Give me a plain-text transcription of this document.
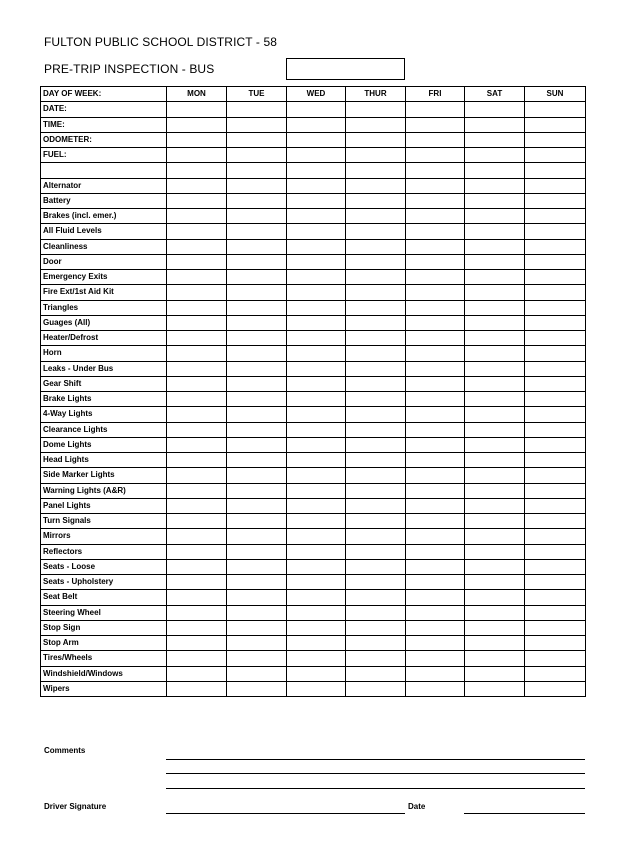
FULTON PUBLIC SCHOOL DISTRICT - 58
PRE-TRIP INSPECTION - BUS
DAY OF WEEK:	MON	TUE	WED	THUR	FRI	SAT	SUN
DATE:							
TIME:							
ODOMETER:							
FUEL:							

Alternator							
Battery							
Brakes (incl. emer.)							
All Fluid Levels							
Cleanliness							
Door							
Emergency Exits							
Fire Ext/1st Aid Kit							
Triangles							
Guages (All)							
Heater/Defrost							
Horn							
Leaks - Under Bus							
Gear Shift							
Brake Lights							
4-Way Lights							
Clearance Lights							
Dome Lights							
Head Lights							
Side Marker Lights							
Warning Lights (A&R)							
Panel Lights							
Turn Signals							
Mirrors							
Reflectors							
Seats - Loose							
Seats - Upholstery							
Seat Belt							
Steering Wheel							
Stop Sign							
Stop Arm							
Tires/Wheels							
Windshield/Windows							
Wipers							
Comments
Driver Signature	Date
